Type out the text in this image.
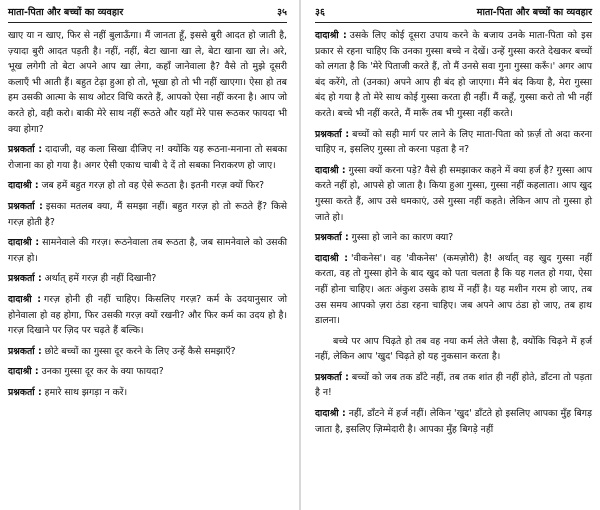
माता-पिता और बच्चों का व्यवहार	३५

खाए या न खाए, फिर से नहीं बुलाऊँगा। मैं जानता हूँ, इससे बुरी आदत हो जाती है, ज़्यादा बुरी आदत पड़ती है। नहीं, नहीं, बेटा खाना खा ले, बेटा खाना खा ले। अरे, भूख लगेगी तो बेटा अपने आप खा लेगा, कहाँ जानेवाला है? वैसे तो मुझे दूसरी कलाएँ भी आती हैं। बहुत टेढ़ा हुआ हो तो, भूखा हो तो भी नहीं खाएगा। ऐसा हो तब हम उसकी आत्मा के साथ ओटर विधि करते हैं, आपको ऐसा नहीं करना है। आप जो करते हो, वही करो। बाकी मेरे साथ नहीं रूठते और यहाँ मेरे पास रूठकर फायदा भी क्या होगा?

प्रश्नकर्ता : दादाजी, वह कला सिखा दीजिए न! क्योंकि यह रूठना-मनाना तो सबका रोजाना का हो गया है। अगर ऐसी एकाध चाबी दे दें तो सबका निराकरण हो जाए।

दादाश्री : जब हमें बहुत गरज़ हो तो वह ऐसे रूठता है। इतनी गरज़ क्यों फिर?

प्रश्नकर्ता : इसका मतलब क्या, मैं समझा नहीं। बहुत गरज़ हो तो रूठते हैं? किसे गरज़ होती है?

दादाश्री : सामनेवाले की गरज़। रूठनेवाला तब रूठता है, जब सामनेवाले को उसकी गरज़ हो।

प्रश्नकर्ता : अर्थात् हमें गरज़ ही नहीं दिखानी?

दादाश्री : गरज़ होनी ही नहीं चाहिए। किसलिए गरज़? कर्म के उदयानुसार जो होनेवाला हो वह होगा, फिर उसकी गरज़ क्यों रखनी? और फिर कर्म का उदय हो है। गरज़ दिखाने पर ज़िद पर चढ़ते हैं बल्कि।

प्रश्नकर्ता : छोटे बच्चों का गुस्सा दूर करने के लिए उन्हें कैसे समझाएँ?

दादाश्री : उनका गुस्सा दूर कर के क्या फायदा?

प्रश्नकर्ता : हमारे साथ झगड़ा न करें।

३६	माता-पिता और बच्चों का व्यवहार

दादाश्री : उसके लिए कोई दूसरा उपाय करने के बजाय उनके माता-पिता को इस प्रकार से रहना चाहिए कि उनका गुस्सा बच्चे न देखें। उन्हें गुस्सा करते देखकर बच्चों को लगता है कि 'मेरे पिताजी करते हैं, तो मैं उनसे सवा गुना गुस्सा करूँ।' अगर आप बंद करेंगे, तो (उनका) अपने आप ही बंद हो जाएगा। मैंने बंद किया है, मेरा गुस्सा बंद हो गया है तो मेरे साथ कोई गुस्सा करता ही नहीं। मैं कहूँ, गुस्सा करो तो भी नहीं करते। बच्चे भी नहीं करते, मैं मारूँ तब भी गुस्सा नहीं करते।

प्रश्नकर्ता : बच्चों को सही मार्ग पर लाने के लिए माता-पिता को फ़र्ज़ तो अदा करना चाहिए न, इसलिए गुस्सा तो करना पड़ता है न?

दादाश्री : गुस्सा क्यों करना पड़े? वैसे ही समझाकर कहने में क्या हर्ज है? गुस्सा आप करते नहीं हो, आपसे हो जाता है। किया हुआ गुस्सा, गुस्सा नहीं कहलाता। आप खुद गुस्सा करते हैं, आप उसे धमकाएं, उसे गुस्सा नहीं कहते। लेकिन आप तो गुस्सा हो जाते हो।

प्रश्नकर्ता : गुस्सा हो जाने का कारण क्या?

दादाश्री : 'वीकनेस'। वह 'वीकनेस' (कमज़ोरी) है! अर्थात् वह खुद गुस्सा नहीं करता, वह तो गुस्सा होने के बाद खुद को पता चलता है कि यह गलत हो गया, ऐसा नहीं होना चाहिए। अतः अंकुश उसके हाथ में नहीं है। यह मशीन गरम हो जाए, तब उस समय आपको ज़रा ठंडा रहना चाहिए। जब अपने आप ठंडा हो जाए, तब हाथ डालना।

बच्चे पर आप चिढ़ते हो तब वह नया कर्म लेते जैसा है, क्योंकि चिढ़ने में हर्ज नहीं, लेकिन आप 'खुद' चिढ़ते हो यह नुकसान करता है।

प्रश्नकर्ता : बच्चों को जब तक डाँटे नहीं, तब तक शांत ही नहीं होते, डाँटना तो पड़ता है न!

दादाश्री : नहीं, डाँटने में हर्ज नहीं। लेकिन 'खुद' डाँटते हो इसलिए आपका मुँह बिगड़ जाता है, इसलिए ज़िम्मेदारी है। आपका मुँह बिगड़े नहीं
